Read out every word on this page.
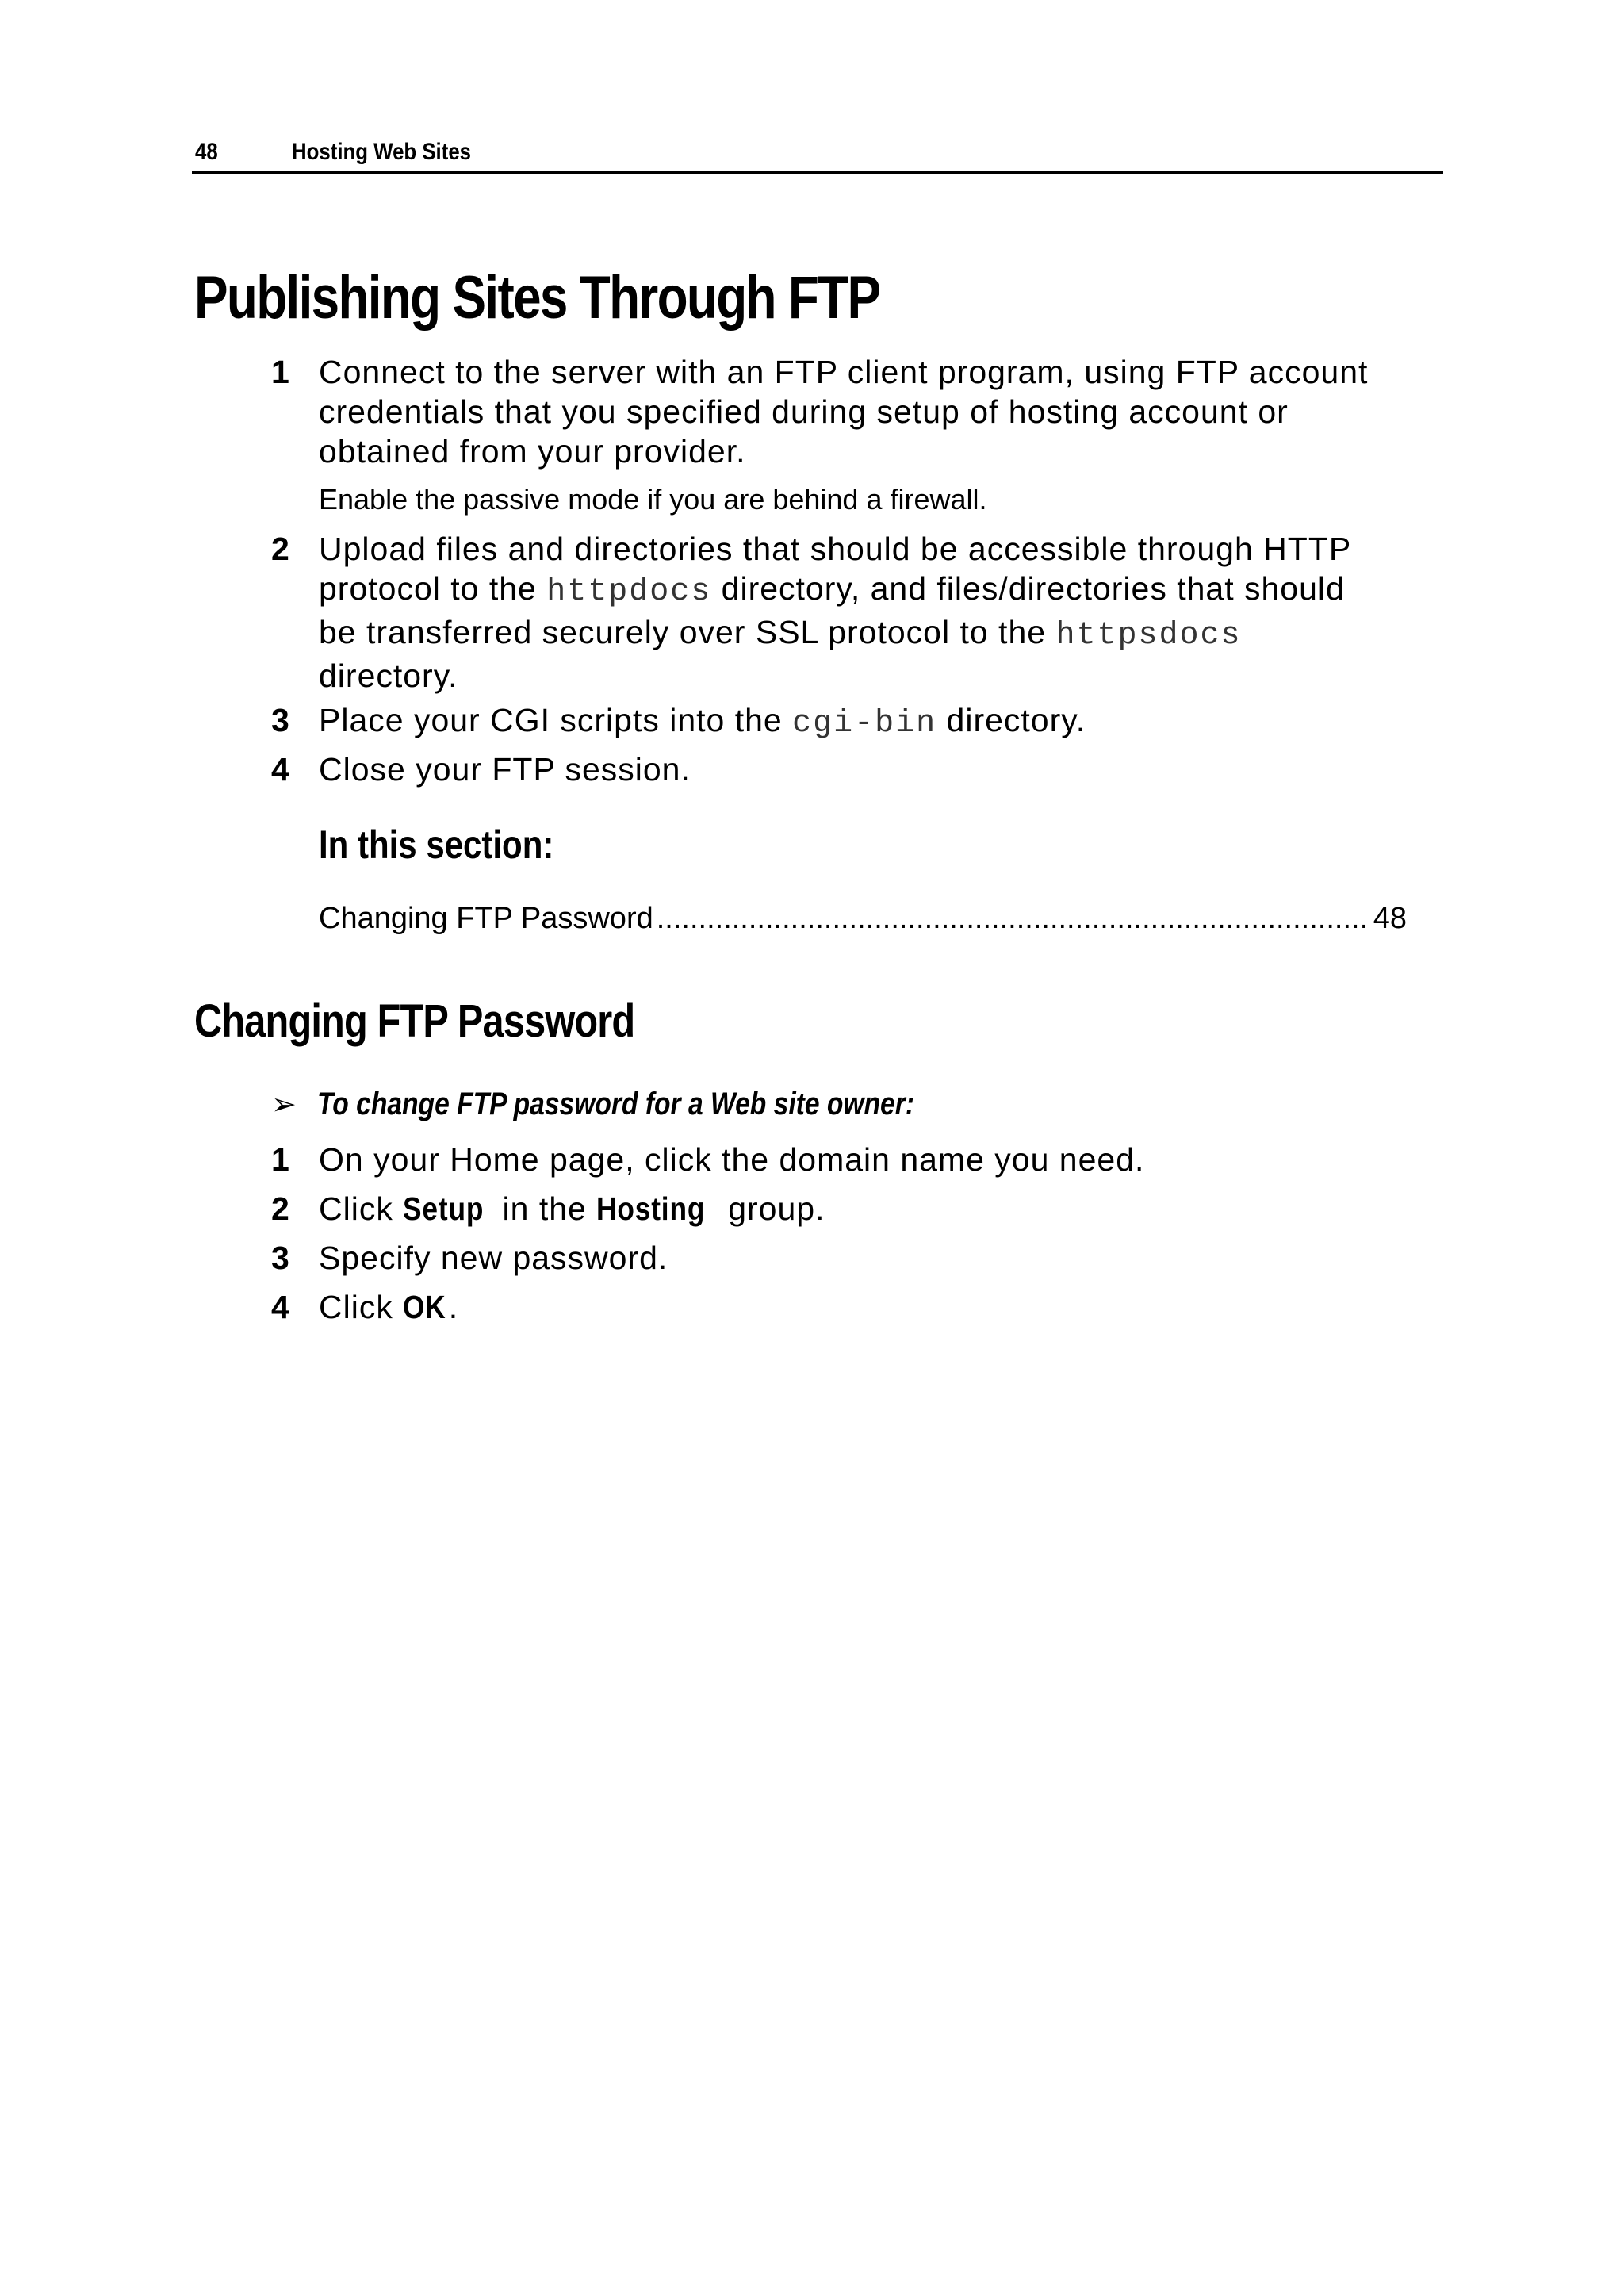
48	Hosting Web Sites
Publishing Sites Through FTP
1 Connect to the server with an FTP client program, using FTP account
credentials that you specified during setup of hosting account or
obtained from your provider.
Enable the passive mode if you are behind a firewall.
2 Upload files and directories that should be accessible through HTTP
protocol to the httpdocs directory, and files/directories that should
be transferred securely over SSL protocol to the httpsdocs
directory.
3 Place your CGI scripts into the cgi-bin directory.
4 Close your FTP session.
In this section:
Changing FTP Password
.....	48
Changing FTP Password
➢ To change FTP password for a Web site owner:
1 On your Home page, click the domain name you need.
2 Click Setup in the Hosting group.
3 Specify new password.
4 Click OK.
